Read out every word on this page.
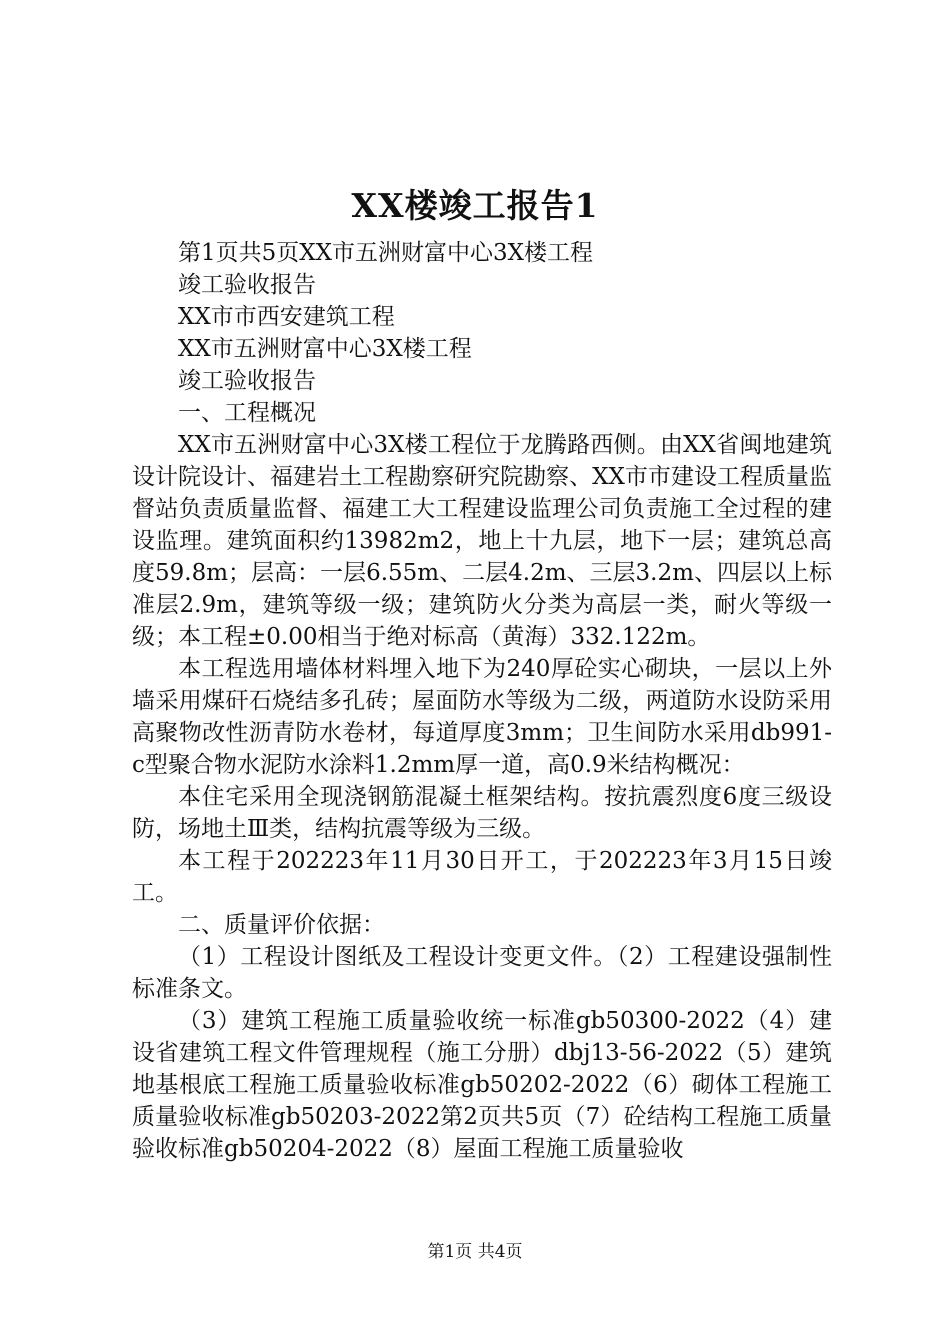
XX楼竣工报告1

第1页共5页XX市五洲财富中心3X楼工程

竣工验收报告

XX市市西安建筑工程

XX市五洲财富中心3X楼工程

竣工验收报告

一、工程概况

XX市五洲财富中心3X楼工程位于龙腾路西侧。由XX省闽地建筑设计院设计、福建岩土工程勘察研究院勘察、XX市市建设工程质量监督站负责质量监督、福建工大工程建设监理公司负责施工全过程的建设监理。建筑面积约13982m2，地上十九层，地下一层；建筑总高度59.8m；层高：一层6.55m、二层4.2m、三层3.2m、四层以上标准层2.9m，建筑等级一级；建筑防火分类为高层一类，耐火等级一级；本工程±0.00相当于绝对标高（黄海）332.122m。

本工程选用墙体材料埋入地下为240厚砼实心砌块，一层以上外墙采用煤矸石烧结多孔砖；屋面防水等级为二级，两道防水设防采用高聚物改性沥青防水卷材，每道厚度3mm；卫生间防水采用db991-c型聚合物水泥防水涂料1.2mm厚一道，高0.9米结构概况：

本住宅采用全现浇钢筋混凝土框架结构。按抗震烈度6度三级设防，场地土Ⅲ类，结构抗震等级为三级。

本工程于202223年11月30日开工，于202223年3月15日竣工。

二、质量评价依据：

（1）工程设计图纸及工程设计变更文件。（2）工程建设强制性标准条文。

（3）建筑工程施工质量验收统一标准gb50300-2022（4）建设省建筑工程文件管理规程（施工分册）dbj13-56-2022（5）建筑地基根底工程施工质量验收标准gb50202-2022（6）砌体工程施工质量验收标准gb50203-2022第2页共5页（7）砼结构工程施工质量验收标准gb50204-2022（8）屋面工程施工质量验收

第1页 共4页
